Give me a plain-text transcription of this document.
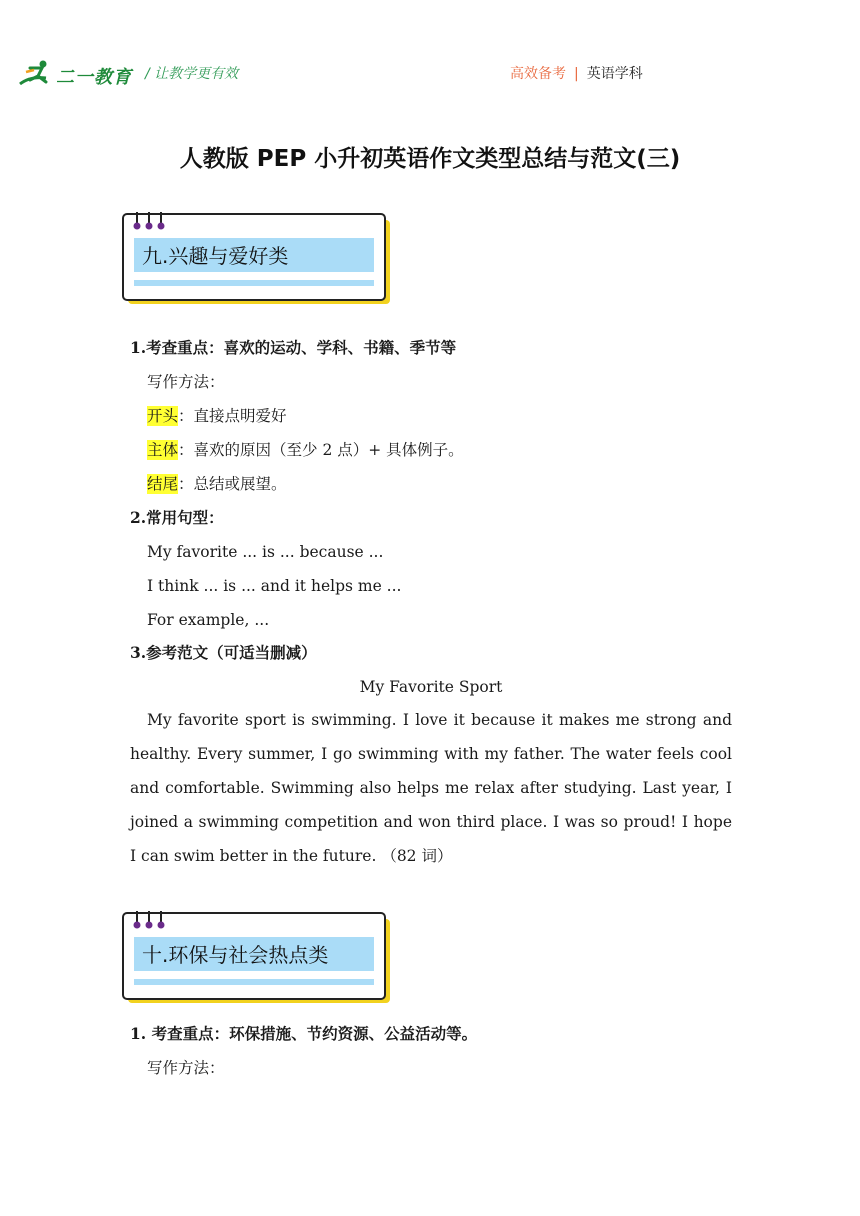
二一教育 / 让教学更有效	高效备考 | 英语学科
人教版 PEP 小升初英语作文类型总结与范文(三)
九.兴趣与爱好类
1.考查重点：喜欢的运动、学科、书籍、季节等
写作方法：
开头：直接点明爱好
主体：喜欢的原因（至少 2 点）+ 具体例子。
结尾：总结或展望。
2.常用句型：
My favorite ... is ... because ...
I think ... is ... and it helps me ...
For example, ...
3.参考范文（可适当删减）
My Favorite Sport
My favorite sport is swimming. I love it because it makes me strong and healthy. Every summer, I go swimming with my father. The water feels cool and comfortable. Swimming also helps me relax after studying. Last year, I joined a swimming competition and won third place. I was so proud! I hope I can swim better in the future. （82 词）
十.环保与社会热点类
1. 考查重点：环保措施、节约资源、公益活动等。
写作方法：
